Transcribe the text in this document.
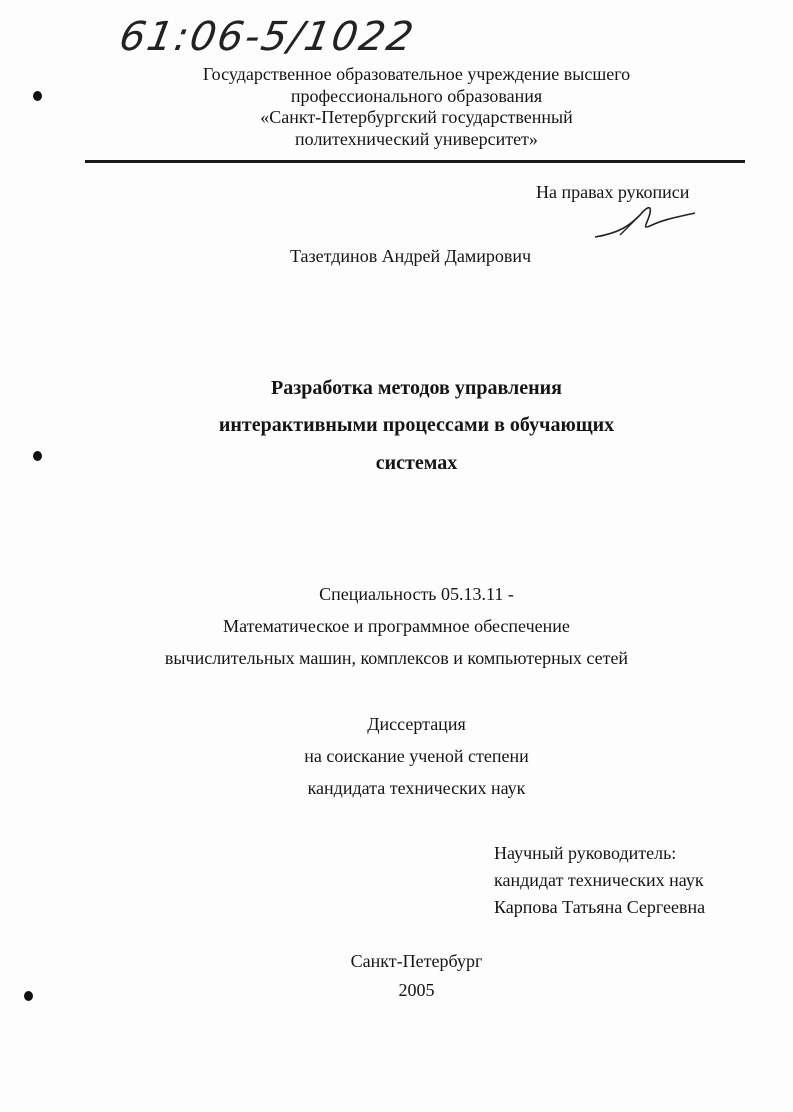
61:06-5/1022
Государственное образовательное учреждение высшего
профессионального образования
«Санкт-Петербургский государственный
политехнический университет»
На правах рукописи
Тазетдинов Андрей Дамирович
Разработка методов управления
интерактивными процессами в обучающих
системах
Специальность 05.13.11 -
Математическое и программное обеспечение
вычислительных машин, комплексов и компьютерных сетей
Диссертация
на соискание ученой степени
кандидата технических наук
Научный руководитель:
кандидат технических наук
Карпова Татьяна Сергеевна
Санкт-Петербург
2005
